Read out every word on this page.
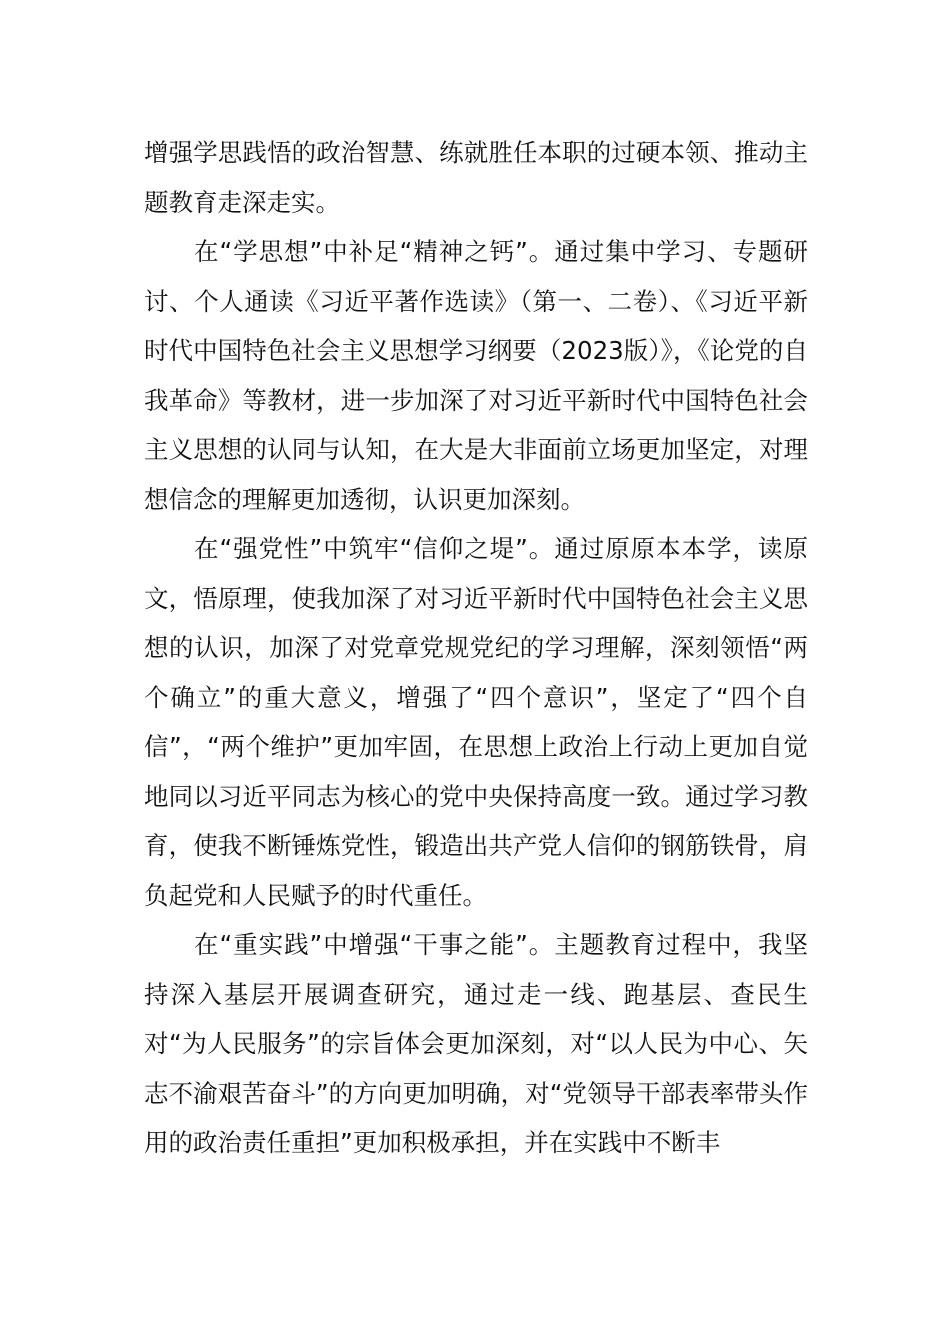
增强学思践悟的政治智慧、练就胜任本职的过硬本领、推动主题教育走深走实。

在“学思想”中补足“精神之钙”。通过集中学习、专题研讨、个人通读《习近平著作选读》（第一、二卷）、《习近平新时代中国特色社会主义思想学习纲要（2023版）》，《论党的自我革命》等教材，进一步加深了对习近平新时代中国特色社会主义思想的认同与认知，在大是大非面前立场更加坚定，对理想信念的理解更加透彻，认识更加深刻。

在“强党性”中筑牢“信仰之堤”。通过原原本本学，读原文，悟原理，使我加深了对习近平新时代中国特色社会主义思想的认识，加深了对党章党规党纪的学习理解，深刻领悟“两个确立”的重大意义，增强了“四个意识”，坚定了“四个自信”，“两个维护”更加牢固，在思想上政治上行动上更加自觉地同以习近平同志为核心的党中央保持高度一致。通过学习教育，使我不断锤炼党性，锻造出共产党人信仰的钢筋铁骨，肩负起党和人民赋予的时代重任。

在“重实践”中增强“干事之能”。主题教育过程中，我坚持深入基层开展调查研究，通过走一线、跑基层、查民生对“为人民服务”的宗旨体会更加深刻，对“以人民为中心、矢志不渝艰苦奋斗”的方向更加明确，对“党领导干部表率带头作用的政治责任重担”更加积极承担，并在实践中不断丰
